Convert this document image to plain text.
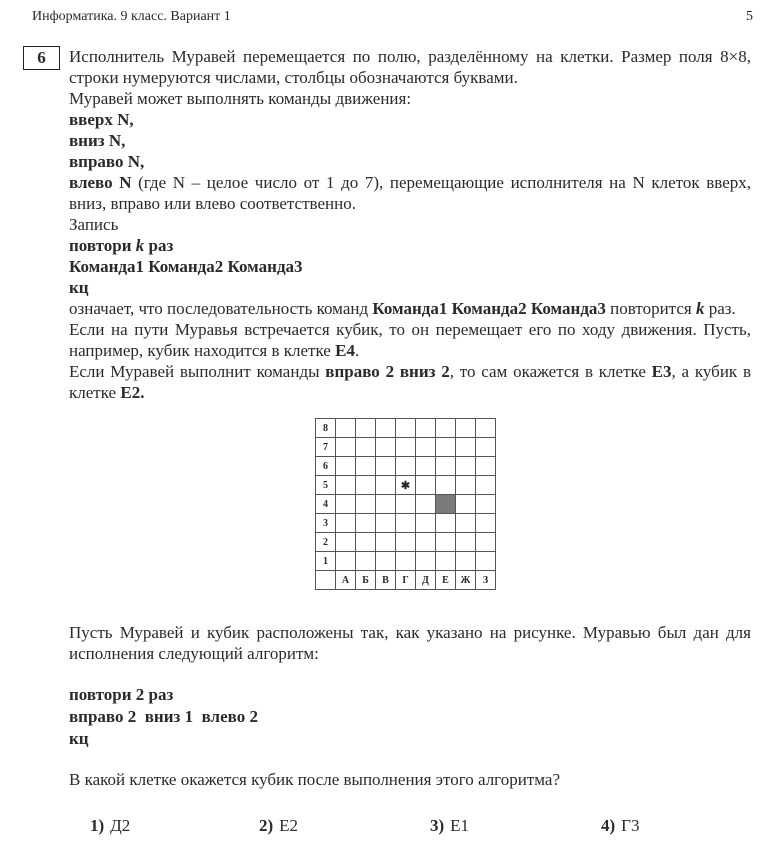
Информатика. 9 класс. Вариант 1	5
6	Исполнитель Муравей перемещается по полю, разделённому на клетки. Размер поля 8×8, строки нумеруются числами, столбцы обозначаются буквами.

Муравей может выполнять команды движения:

вверх N,

вниз N,

вправо N,

влево N (где N – целое число от 1 до 7), перемещающие исполнителя на N клеток вверх, вниз, вправо или влево соответственно.

Запись

повтори k раз

Команда1 Команда2 Команда3

кц

означает, что последовательность команд Команда1 Команда2 Команда3 повторится k раз.

Если на пути Муравья встречается кубик, то он перемещает его по ходу движения. Пусть, например, кубик находится в клетке Е4.

Если Муравей выполнит команды вправо 2 вниз 2, то сам окажется в клетке Е3, а кубик в клетке Е2.

8								
7								
6								
5				✱				
4								
3								
2								
1								
	А	Б	В	Г	Д	Е	Ж	З
Пусть Муравей и кубик расположены так, как указано на рисунке. Муравью был дан для исполнения следующий алгоритм:
повтори 2 раз
вправо 2  вниз 1  влево 2
кц
В какой клетке окажется кубик после выполнения этого алгоритма?
1) Д2	2) Е2	3) Е1	4) Г3
